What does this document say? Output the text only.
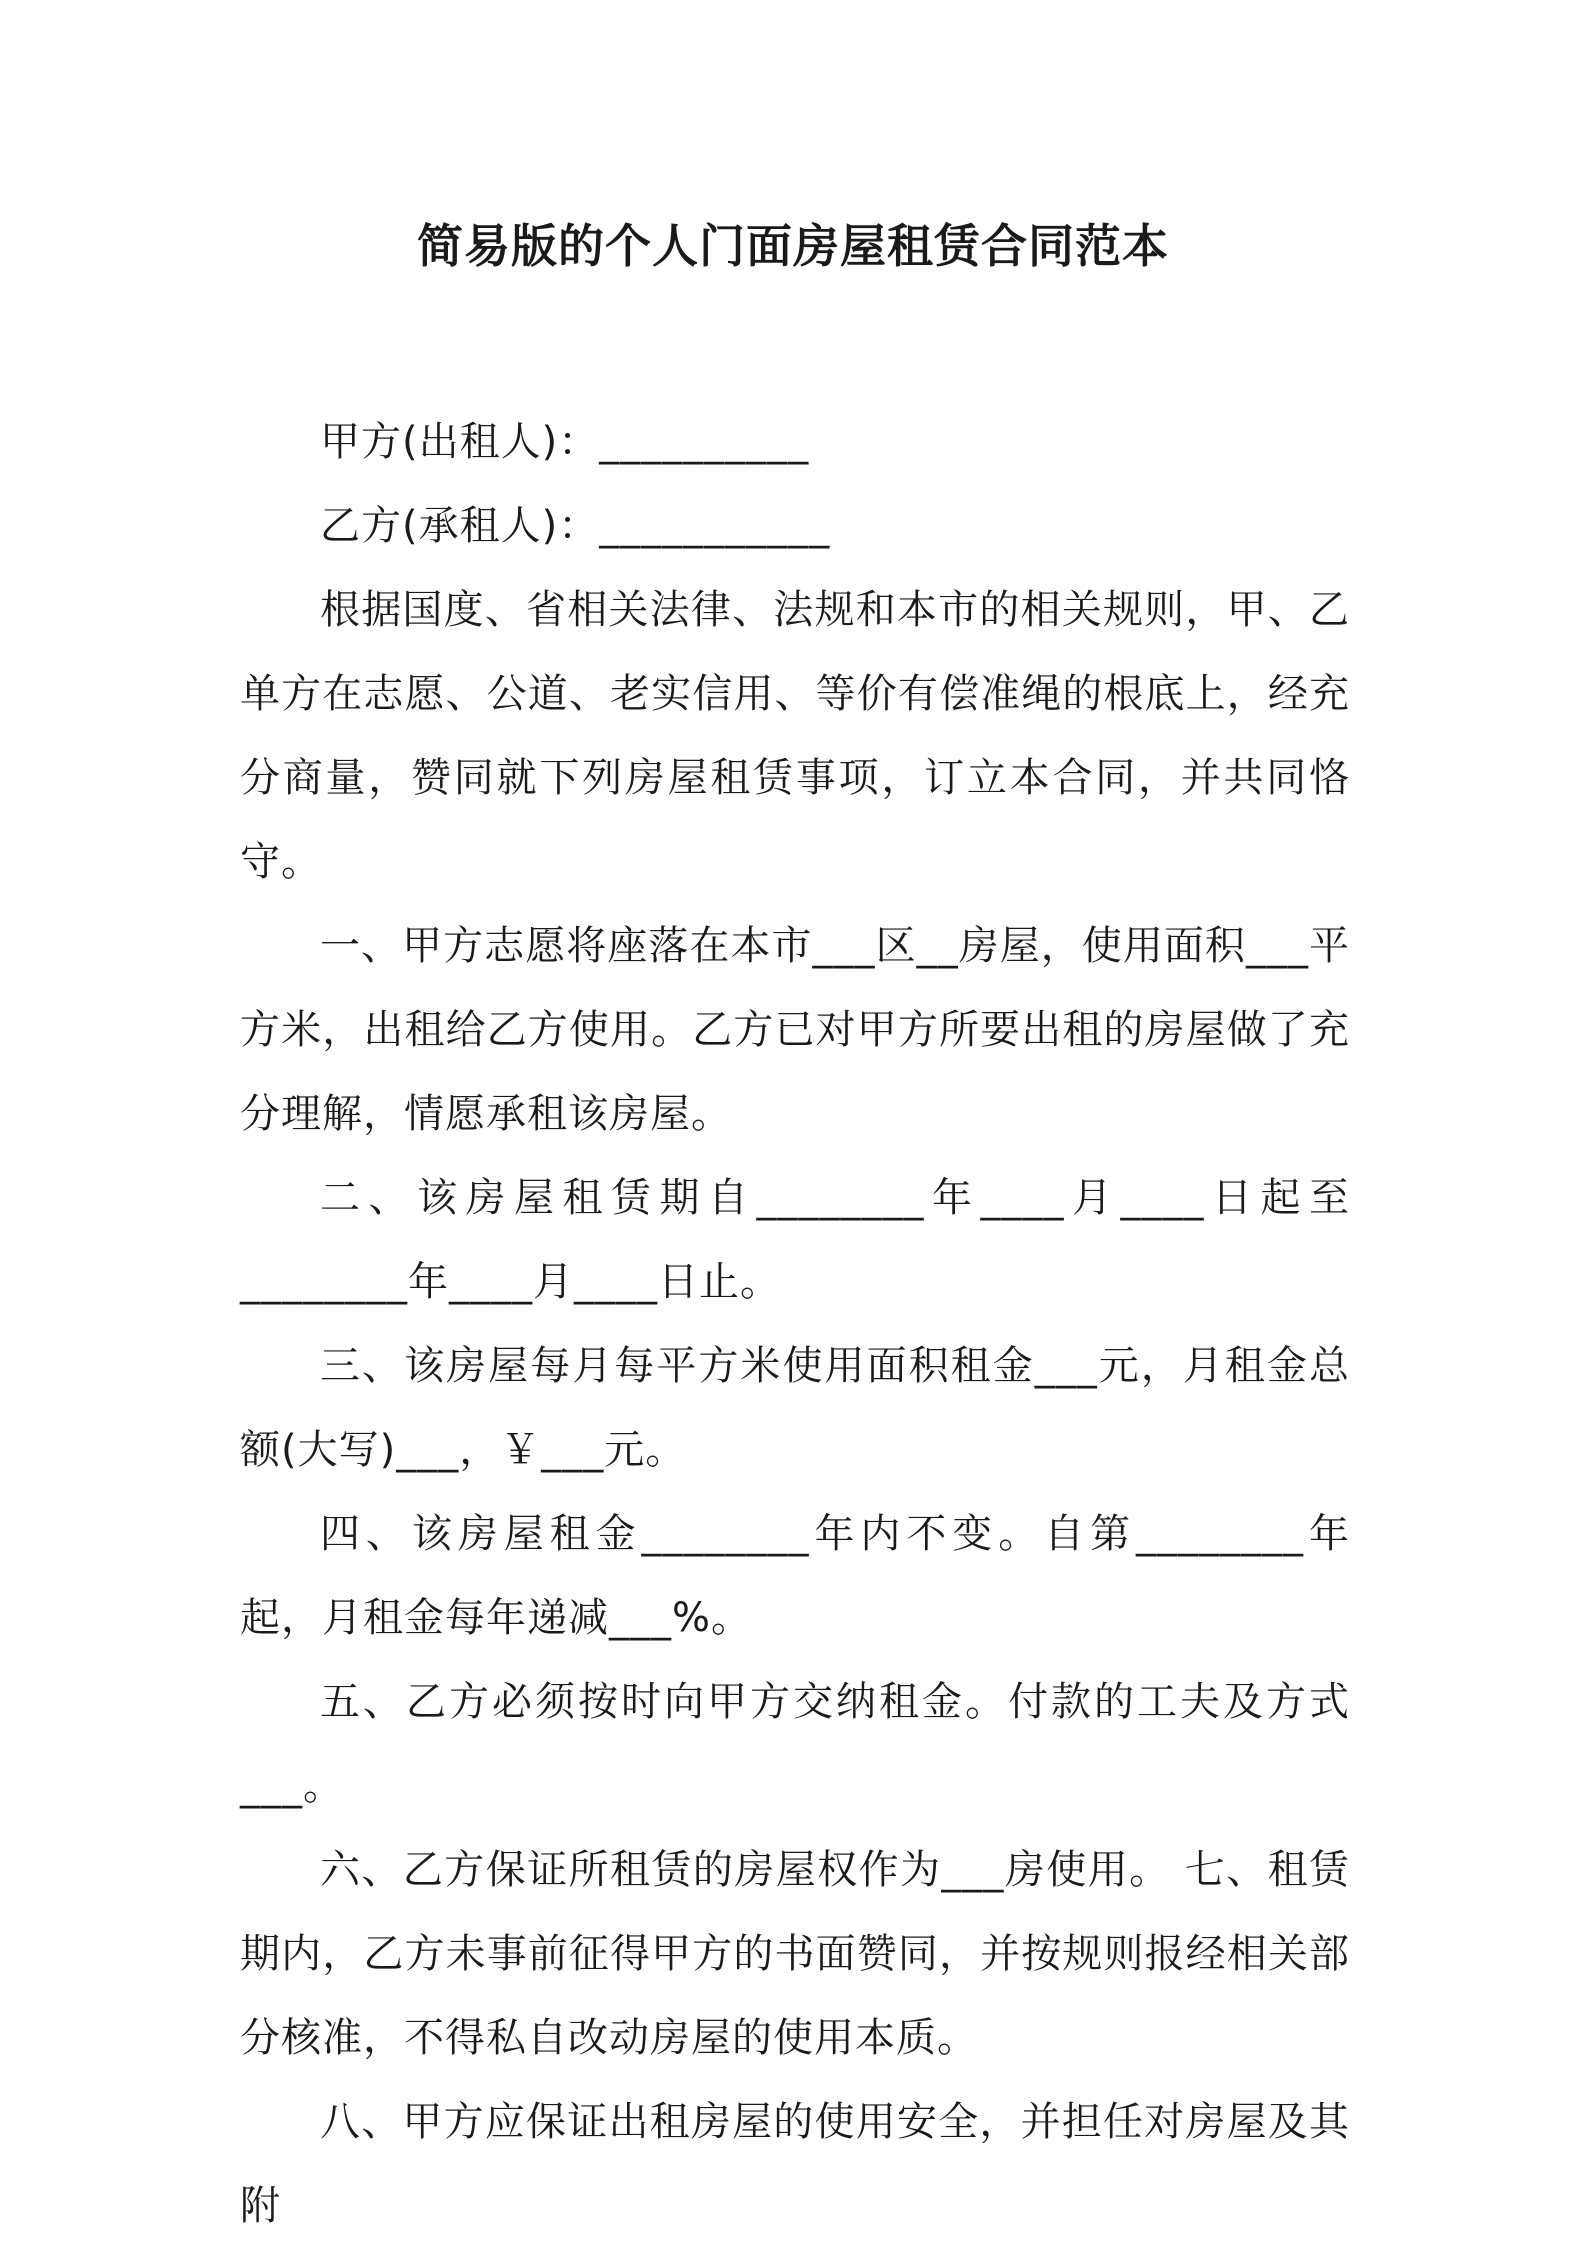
简易版的个人门面房屋租赁合同范本

甲方(出租人)：__________

乙方(承租人)：___________

根据国度、省相关法律、法规和本市的相关规则，甲、乙单方在志愿、公道、老实信用、等价有偿准绳的根底上，经充分商量，赞同就下列房屋租赁事项，订立本合同，并共同恪守。

一、甲方志愿将座落在本市___区__房屋，使用面积___平方米，出租给乙方使用。乙方已对甲方所要出租的房屋做了充分理解，情愿承租该房屋。

二、该房屋租赁期自________年____月____日起至________年____月____日止。

三、该房屋每月每平方米使用面积租金___元，月租金总额(大写)___，￥___元。

四、该房屋租金________年内不变。自第________年起，月租金每年递减___%。

五、乙方必须按时向甲方交纳租金。付款的工夫及方式___。

六、乙方保证所租赁的房屋权作为___房使用。 七、租赁期内，乙方未事前征得甲方的书面赞同，并按规则报经相关部分核准，不得私自改动房屋的使用本质。

八、甲方应保证出租房屋的使用安全，并担任对房屋及其附
